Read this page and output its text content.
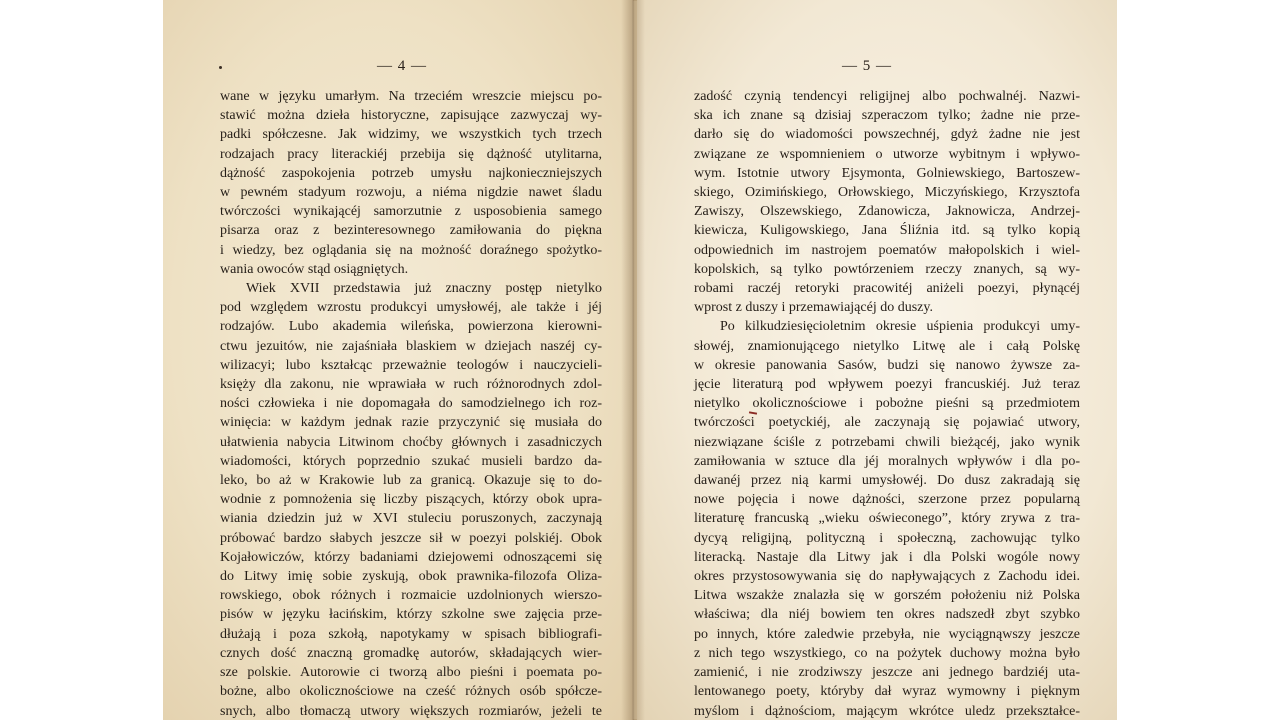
— 4 —
wane w języku umarłym. Na trzeciém wreszcie miejscu po-
stawić można dzieła historyczne, zapisujące zazwyczaj wy-
padki spółczesne. Jak widzimy, we wszystkich tych trzech
rodzajach pracy literackiéj przebija się dążność utylitarna,
dążność zaspokojenia potrzeb umysłu najkonieczniejszych
w pewném stadyum rozwoju, a niéma nigdzie nawet śladu
twórczości wynikającéj samorzutnie z usposobienia samego
pisarza oraz z bezinteresownego zamiłowania do piękna
i wiedzy, bez oglądania się na możność doraźnego spożytko-
wania owoców stąd osiągniętych.
Wiek XVII przedstawia już znaczny postęp nietylko
pod względem wzrostu produkcyi umysłowéj, ale także i jéj
rodzajów. Lubo akademia wileńska, powierzona kierowni-
ctwu jezuitów, nie zajaśniała blaskiem w dziejach naszéj cy-
wilizacyi; lubo kształcąc przeważnie teologów i nauczycieli-
księży dla zakonu, nie wprawiała w ruch różnorodnych zdol-
ności człowieka i nie dopomagała do samodzielnego ich roz-
winięcia: w każdym jednak razie przyczynić się musiała do
ułatwienia nabycia Litwinom choćby głównych i zasadniczych
wiadomości, których poprzednio szukać musieli bardzo da-
leko, bo aż w Krakowie lub za granicą. Okazuje się to do-
wodnie z pomnożenia się liczby piszących, którzy obok upra-
wiania dziedzin już w XVI stuleciu poruszonych, zaczynają
próbować bardzo słabych jeszcze sił w poezyi polskiéj. Obok
Kojałowiczów, którzy badaniami dziejowemi odnoszącemi się
do Litwy imię sobie zyskują, obok prawnika-filozofa Oliza-
rowskiego, obok różnych i rozmaicie uzdolnionych wierszo-
pisów w języku łacińskim, którzy szkolne swe zajęcia prze-
dłużają i poza szkołą, napotykamy w spisach bibliografi-
cznych dość znaczną gromadkę autorów, składających wier-
sze polskie. Autorowie ci tworzą albo pieśni i poemata po-
bożne, albo okolicznościowe na cześć różnych osób spółcze-
snych, albo tłomaczą utwory większych rozmiarów, jeżeli te
— 5 —
zadość czynią tendencyi religijnej albo pochwalnéj. Nazwi-
ska ich znane są dzisiaj szperaczom tylko; żadne nie prze-
darło się do wiadomości powszechnéj, gdyż żadne nie jest
związane ze wspomnieniem o utworze wybitnym i wpływo-
wym. Istotnie utwory Ejsymonta, Golniewskiego, Bartoszew-
skiego, Ozimińskiego, Orłowskiego, Miczyńskiego, Krzysztofa
Zawiszy, Olszewskiego, Zdanowicza, Jaknowicza, Andrzej-
kiewicza, Kuligowskiego, Jana Śliźnia itd. są tylko kopią
odpowiednich im nastrojem poematów małopolskich i wiel-
kopolskich, są tylko powtórzeniem rzeczy znanych, są wy-
robami raczéj retoryki pracowitéj aniżeli poezyi, płynącéj
wprost z duszy i przemawiającéj do duszy.
Po kilkudziesięcioletnim okresie uśpienia produkcyi umy-
słowéj, znamionującego nietylko Litwę ale i całą Polskę
w okresie panowania Sasów, budzi się nanowo żywsze za-
jęcie literaturą pod wpływem poezyi francuskiéj. Już teraz
nietylko okolicznościowe i pobożne pieśni są przedmiotem
twórczości poetyckiéj, ale zaczynają się pojawiać utwory,
niezwiązane ściśle z potrzebami chwili bieżącéj, jako wynik
zamiłowania w sztuce dla jéj moralnych wpływów i dla po-
dawanéj przez nią karmi umysłowéj. Do dusz zakradają się
nowe pojęcia i nowe dążności, szerzone przez popularną
literaturę francuską „wieku oświeconego”, który zrywa z tra-
dycyą religijną, polityczną i społeczną, zachowując tylko
literacką. Nastaje dla Litwy jak i dla Polski wogóle nowy
okres przystosowywania się do napływających z Zachodu idei.
Litwa wszakże znalazła się w gorszém położeniu niż Polska
właściwa; dla niéj bowiem ten okres nadszedł zbyt szybko
po innych, które zaledwie przebyła, nie wyciągnąwszy jeszcze
z nich tego wszystkiego, co na pożytek duchowy można było
zamienić, i nie zrodziwszy jeszcze ani jednego bardziéj uta-
lentowanego poety, któryby dał wyraz wymowny i pięknym
myślom i dążnościom, mającym wkrótce uledz przekształce-
